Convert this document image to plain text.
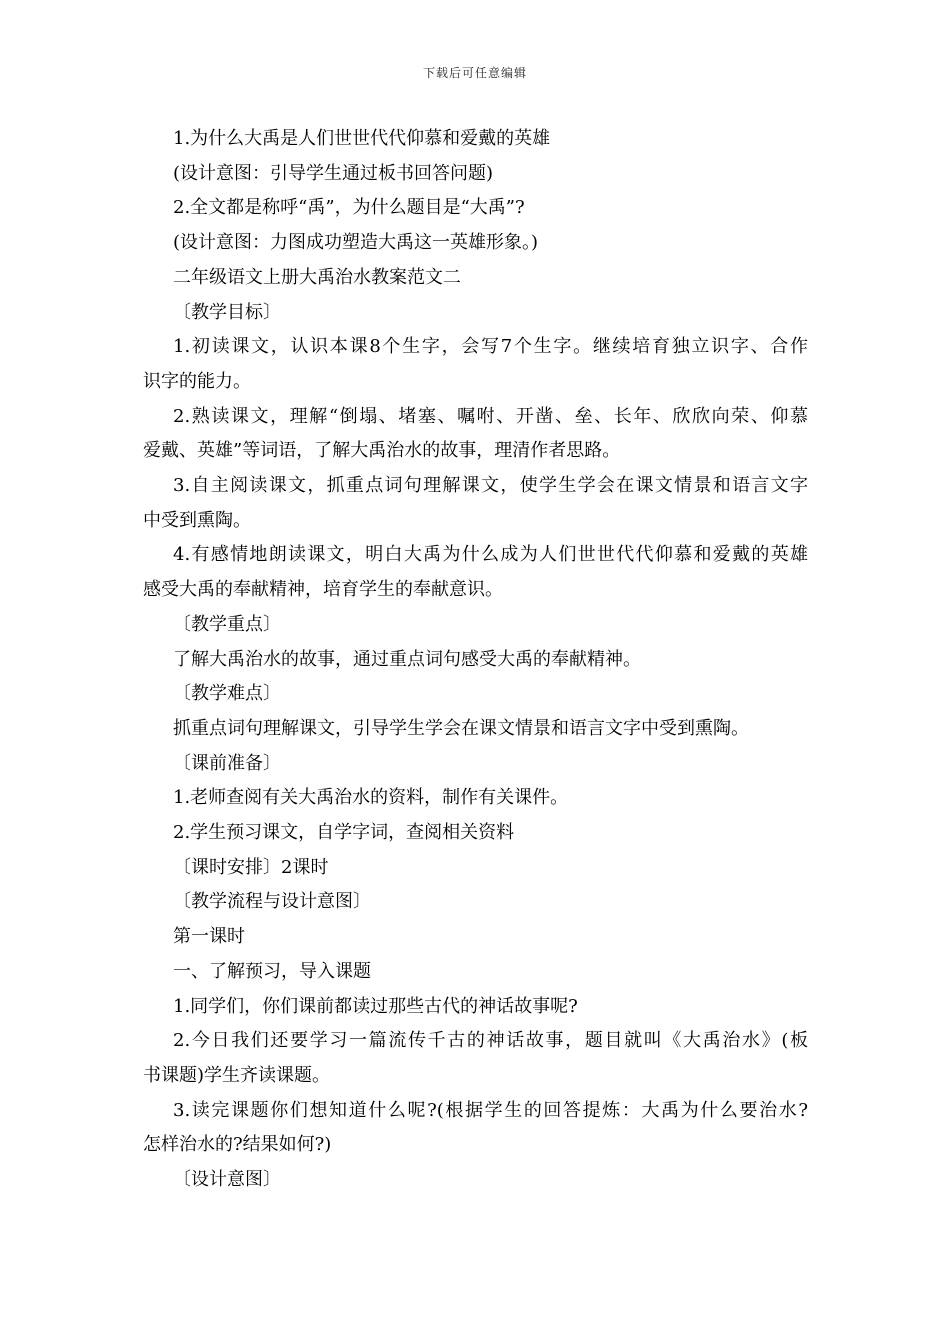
下载后可任意编辑

1.为什么大禹是人们世世代代仰慕和爱戴的英雄

(设计意图：引导学生通过板书回答问题)

2.全文都是称呼“禹”，为什么题目是“大禹”?

(设计意图：力图成功塑造大禹这一英雄形象。)

二年级语文上册大禹治水教案范文二

〔教学目标〕

1.初读课文，认识本课8个生字，会写7个生字。继续培育独立识字、合作

识字的能力。

2.熟读课文，理解“倒塌、堵塞、嘱咐、开凿、垒、长年、欣欣向荣、仰慕

爱戴、英雄”等词语，了解大禹治水的故事，理清作者思路。

3.自主阅读课文，抓重点词句理解课文，使学生学会在课文情景和语言文字

中受到熏陶。

4.有感情地朗读课文，明白大禹为什么成为人们世世代代仰慕和爱戴的英雄

感受大禹的奉献精神，培育学生的奉献意识。

〔教学重点〕

了解大禹治水的故事，通过重点词句感受大禹的奉献精神。

〔教学难点〕

抓重点词句理解课文，引导学生学会在课文情景和语言文字中受到熏陶。

〔课前准备〕

1.老师查阅有关大禹治水的资料，制作有关课件。

2.学生预习课文，自学字词，查阅相关资料

〔课时安排〕2课时

〔教学流程与设计意图〕

第一课时

一、了解预习，导入课题

1.同学们，你们课前都读过那些古代的神话故事呢?

2.今日我们还要学习一篇流传千古的神话故事，题目就叫《大禹治水》(板

书课题)学生齐读课题。

3.读完课题你们想知道什么呢?(根据学生的回答提炼：大禹为什么要治水?

怎样治水的?结果如何?)

〔设计意图〕
